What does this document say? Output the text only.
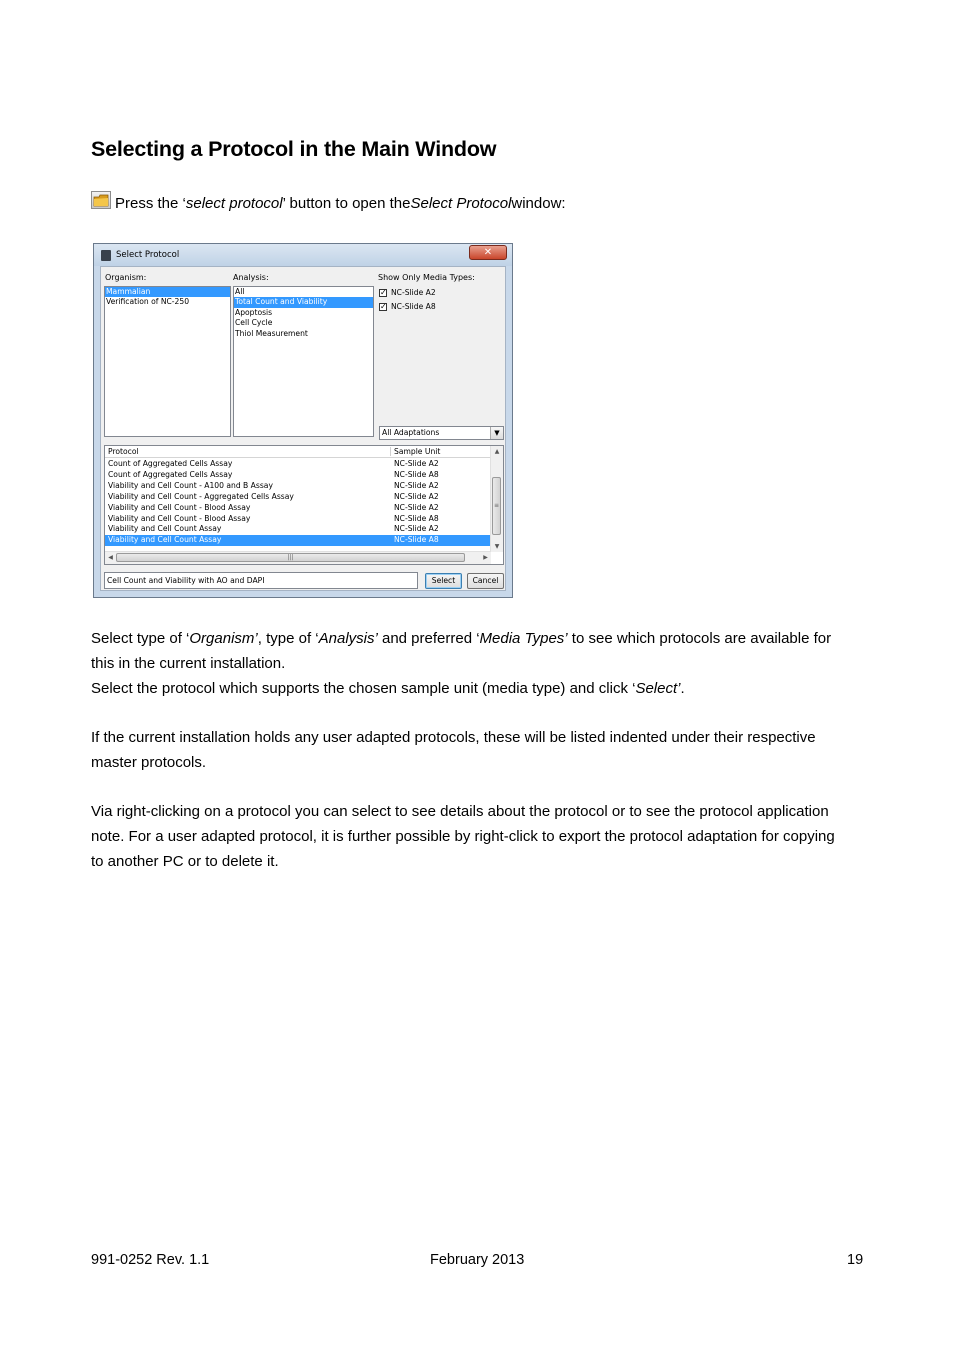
Selecting a Protocol in the Main Window
Press the ‘ select protocol ’ button to open the Select Protocol window:
Select Protocol	✕
Organism:
Mammalian
Verification of NC-250
Analysis:
All
Total Count and Viability
Apoptosis
Cell Cycle
Thiol Measurement
Show Only Media Types:
✓ NC-Slide A2
✓ NC-Slide A8
All Adaptations	▼
Protocol	Sample Unit
Count of Aggregated Cells Assay	NC-Slide A2
Count of Aggregated Cells Assay	NC-Slide A8
Viability and Cell Count - A100 and B Assay	NC-Slide A2
Viability and Cell Count - Aggregated Cells Assay	NC-Slide A2
Viability and Cell Count - Blood Assay	NC-Slide A2
Viability and Cell Count - Blood Assay	NC-Slide A8
Viability and Cell Count Assay	NC-Slide A2
Viability and Cell Count Assay	NC-Slide A8
▲
≡
▼
◀	|||	▶
Cell Count and Viability with AO and DAPI	Select	Cancel

Select type of ‘Organism’, type of ‘Analysis’ and preferred ‘Media Types’ to see which protocols are available for this in the current installation.
Select the protocol which supports the chosen sample unit (media type) and click ‘Select’.

If the current installation holds any user adapted protocols, these will be listed indented under their respective master protocols.

Via right-clicking on a protocol you can select to see details about the protocol or to see the protocol application note. For a user adapted protocol, it is further possible by right-click to export the protocol adaptation for copying to another PC or to delete it.

991-0252 Rev. 1.1	February 2013	19
